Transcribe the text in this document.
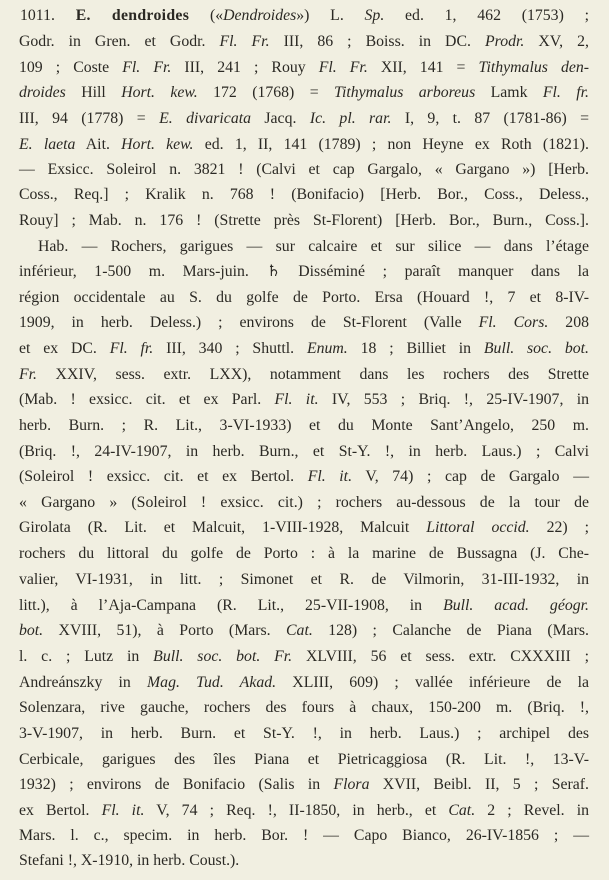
1011. E. dendroides («Dendroides») L. Sp. ed. 1, 462 (1753) ;
Godr. in Gren. et Godr. Fl. Fr. III, 86 ; Boiss. in DC. Prodr. XV, 2,
109 ; Coste Fl. Fr. III, 241 ; Rouy Fl. Fr. XII, 141 = Tithymalus den-
droides Hill Hort. kew. 172 (1768) = Tithymalus arboreus Lamk Fl. fr.
III, 94 (1778) = E. divaricata Jacq. Ic. pl. rar. I, 9, t. 87 (1781-86) =
E. laeta Ait. Hort. kew. ed. 1, II, 141 (1789) ; non Heyne ex Roth (1821).
— Exsicc. Soleirol n. 3821 ! (Calvi et cap Gargalo, « Gargano ») [Herb.
Coss., Req.] ; Kralik n. 768 ! (Bonifacio) [Herb. Bor., Coss., Deless.,
Rouy] ; Mab. n. 176 ! (Strette près St-Florent) [Herb. Bor., Burn., Coss.].
Hab. — Rochers, garigues — sur calcaire et sur silice — dans l’étage
inférieur, 1-500 m. Mars-juin. ♄ Disséminé ; paraît manquer dans la
région occidentale au S. du golfe de Porto. Ersa (Houard !, 7 et 8-IV-
1909, in herb. Deless.) ; environs de St-Florent (Valle Fl. Cors. 208
et ex DC. Fl. fr. III, 340 ; Shuttl. Enum. 18 ; Billiet in Bull. soc. bot.
Fr. XXIV, sess. extr. LXX), notamment dans les rochers des Strette
(Mab. ! exsicc. cit. et ex Parl. Fl. it. IV, 553 ; Briq. !, 25-IV-1907, in
herb. Burn. ; R. Lit., 3-VI-1933) et du Monte Sant’Angelo, 250 m.
(Briq. !, 24-IV-1907, in herb. Burn., et St-Y. !, in herb. Laus.) ; Calvi
(Soleirol ! exsicc. cit. et ex Bertol. Fl. it. V, 74) ; cap de Gargalo —
« Gargano » (Soleirol ! exsicc. cit.) ; rochers au-dessous de la tour de
Girolata (R. Lit. et Malcuit, 1-VIII-1928, Malcuit Littoral occid. 22) ;
rochers du littoral du golfe de Porto : à la marine de Bussagna (J. Che-
valier, VI-1931, in litt. ; Simonet et R. de Vilmorin, 31-III-1932, in
litt.), à l’Aja-Campana (R. Lit., 25-VII-1908, in Bull. acad. géogr.
bot. XVIII, 51), à Porto (Mars. Cat. 128) ; Calanche de Piana (Mars.
l. c. ; Lutz in Bull. soc. bot. Fr. XLVIII, 56 et sess. extr. CXXXIII ;
Andreánszky in Mag. Tud. Akad. XLIII, 609) ; vallée inférieure de la
Solenzara, rive gauche, rochers des fours à chaux, 150-200 m. (Briq. !,
3-V-1907, in herb. Burn. et St-Y. !, in herb. Laus.) ; archipel des
Cerbicale, garigues des îles Piana et Pietricaggiosa (R. Lit. !, 13-V-
1932) ; environs de Bonifacio (Salis in Flora XVII, Beibl. II, 5 ; Seraf.
ex Bertol. Fl. it. V, 74 ; Req. !, II-1850, in herb., et Cat. 2 ; Revel. in
Mars. l. c., specim. in herb. Bor. ! — Capo Bianco, 26-IV-1856 ; —
Stefani !, X-1910, in herb. Coust.).
